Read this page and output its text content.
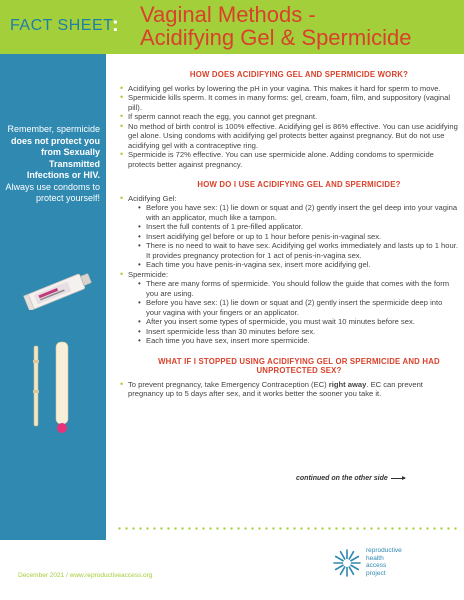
FACT SHEET
: Vaginal Methods -
Acidifying Gel & Spermicide
Remember, spermicide does not protect you from Sexually Transmitted Infections or HIV. Always use condoms to protect yourself!
HOW DOES ACIDIFYING GEL AND SPERMICIDE WORK?
• Acidifying gel works by lowering the pH in your vagina. This makes it hard for sperm to move.
• Spermicide kills sperm. It comes in many forms: gel, cream, foam, film, and suppository (vaginal pill).
• If sperm cannot reach the egg, you cannot get pregnant.
• No method of birth control is 100% effective. Acidifying gel is 86% effective. You can use acidifying gel alone. Using condoms with acidifying gel protects better against pregnancy. But do not use acidifying gel with a contraceptive ring.
• Spermicide is 72% effective. You can use spermicide alone. Adding condoms to spermicide protects better against pregnancy.
HOW DO I USE ACIDIFYING GEL AND SPERMICIDE?
• Acidifying Gel:
• Before you have sex: (1) lie down or squat and (2) gently insert the gel deep into your vagina with an applicator, much like a tampon.
• Insert the full contents of 1 pre-filled applicator.
• Insert acidifying gel before or up to 1 hour before penis-in-vaginal sex.
• There is no need to wait to have sex. Acidifying gel works immediately and lasts up to 1 hour. It provides pregnancy protection for 1 act of penis-in-vagina sex.
• Each time you have penis-in-vagina sex, insert more acidifying gel.
• Spermicide:
• There are many forms of spermicide. You should follow the guide that comes with the form you are using.
• Before you have sex: (1) lie down or squat and (2) gently insert the spermicide deep into your vagina with your fingers or an applicator.
• After you insert some types of spermicide, you must wait 10 minutes before sex.
• Insert spermicide less than 30 minutes before sex.
• Each time you have sex, insert more spermicide.
WHAT IF I STOPPED USING ACIDIFYING GEL OR SPERMICIDE AND HAD
UNPROTECTED SEX?
• To prevent pregnancy, take Emergency Contraception (EC) right away. EC can prevent pregnancy up to 5 days after sex, and it works better the sooner you take it.
continued on the other side
December 2021 / www.reproductiveaccess.org
reproductive
health
access
project
